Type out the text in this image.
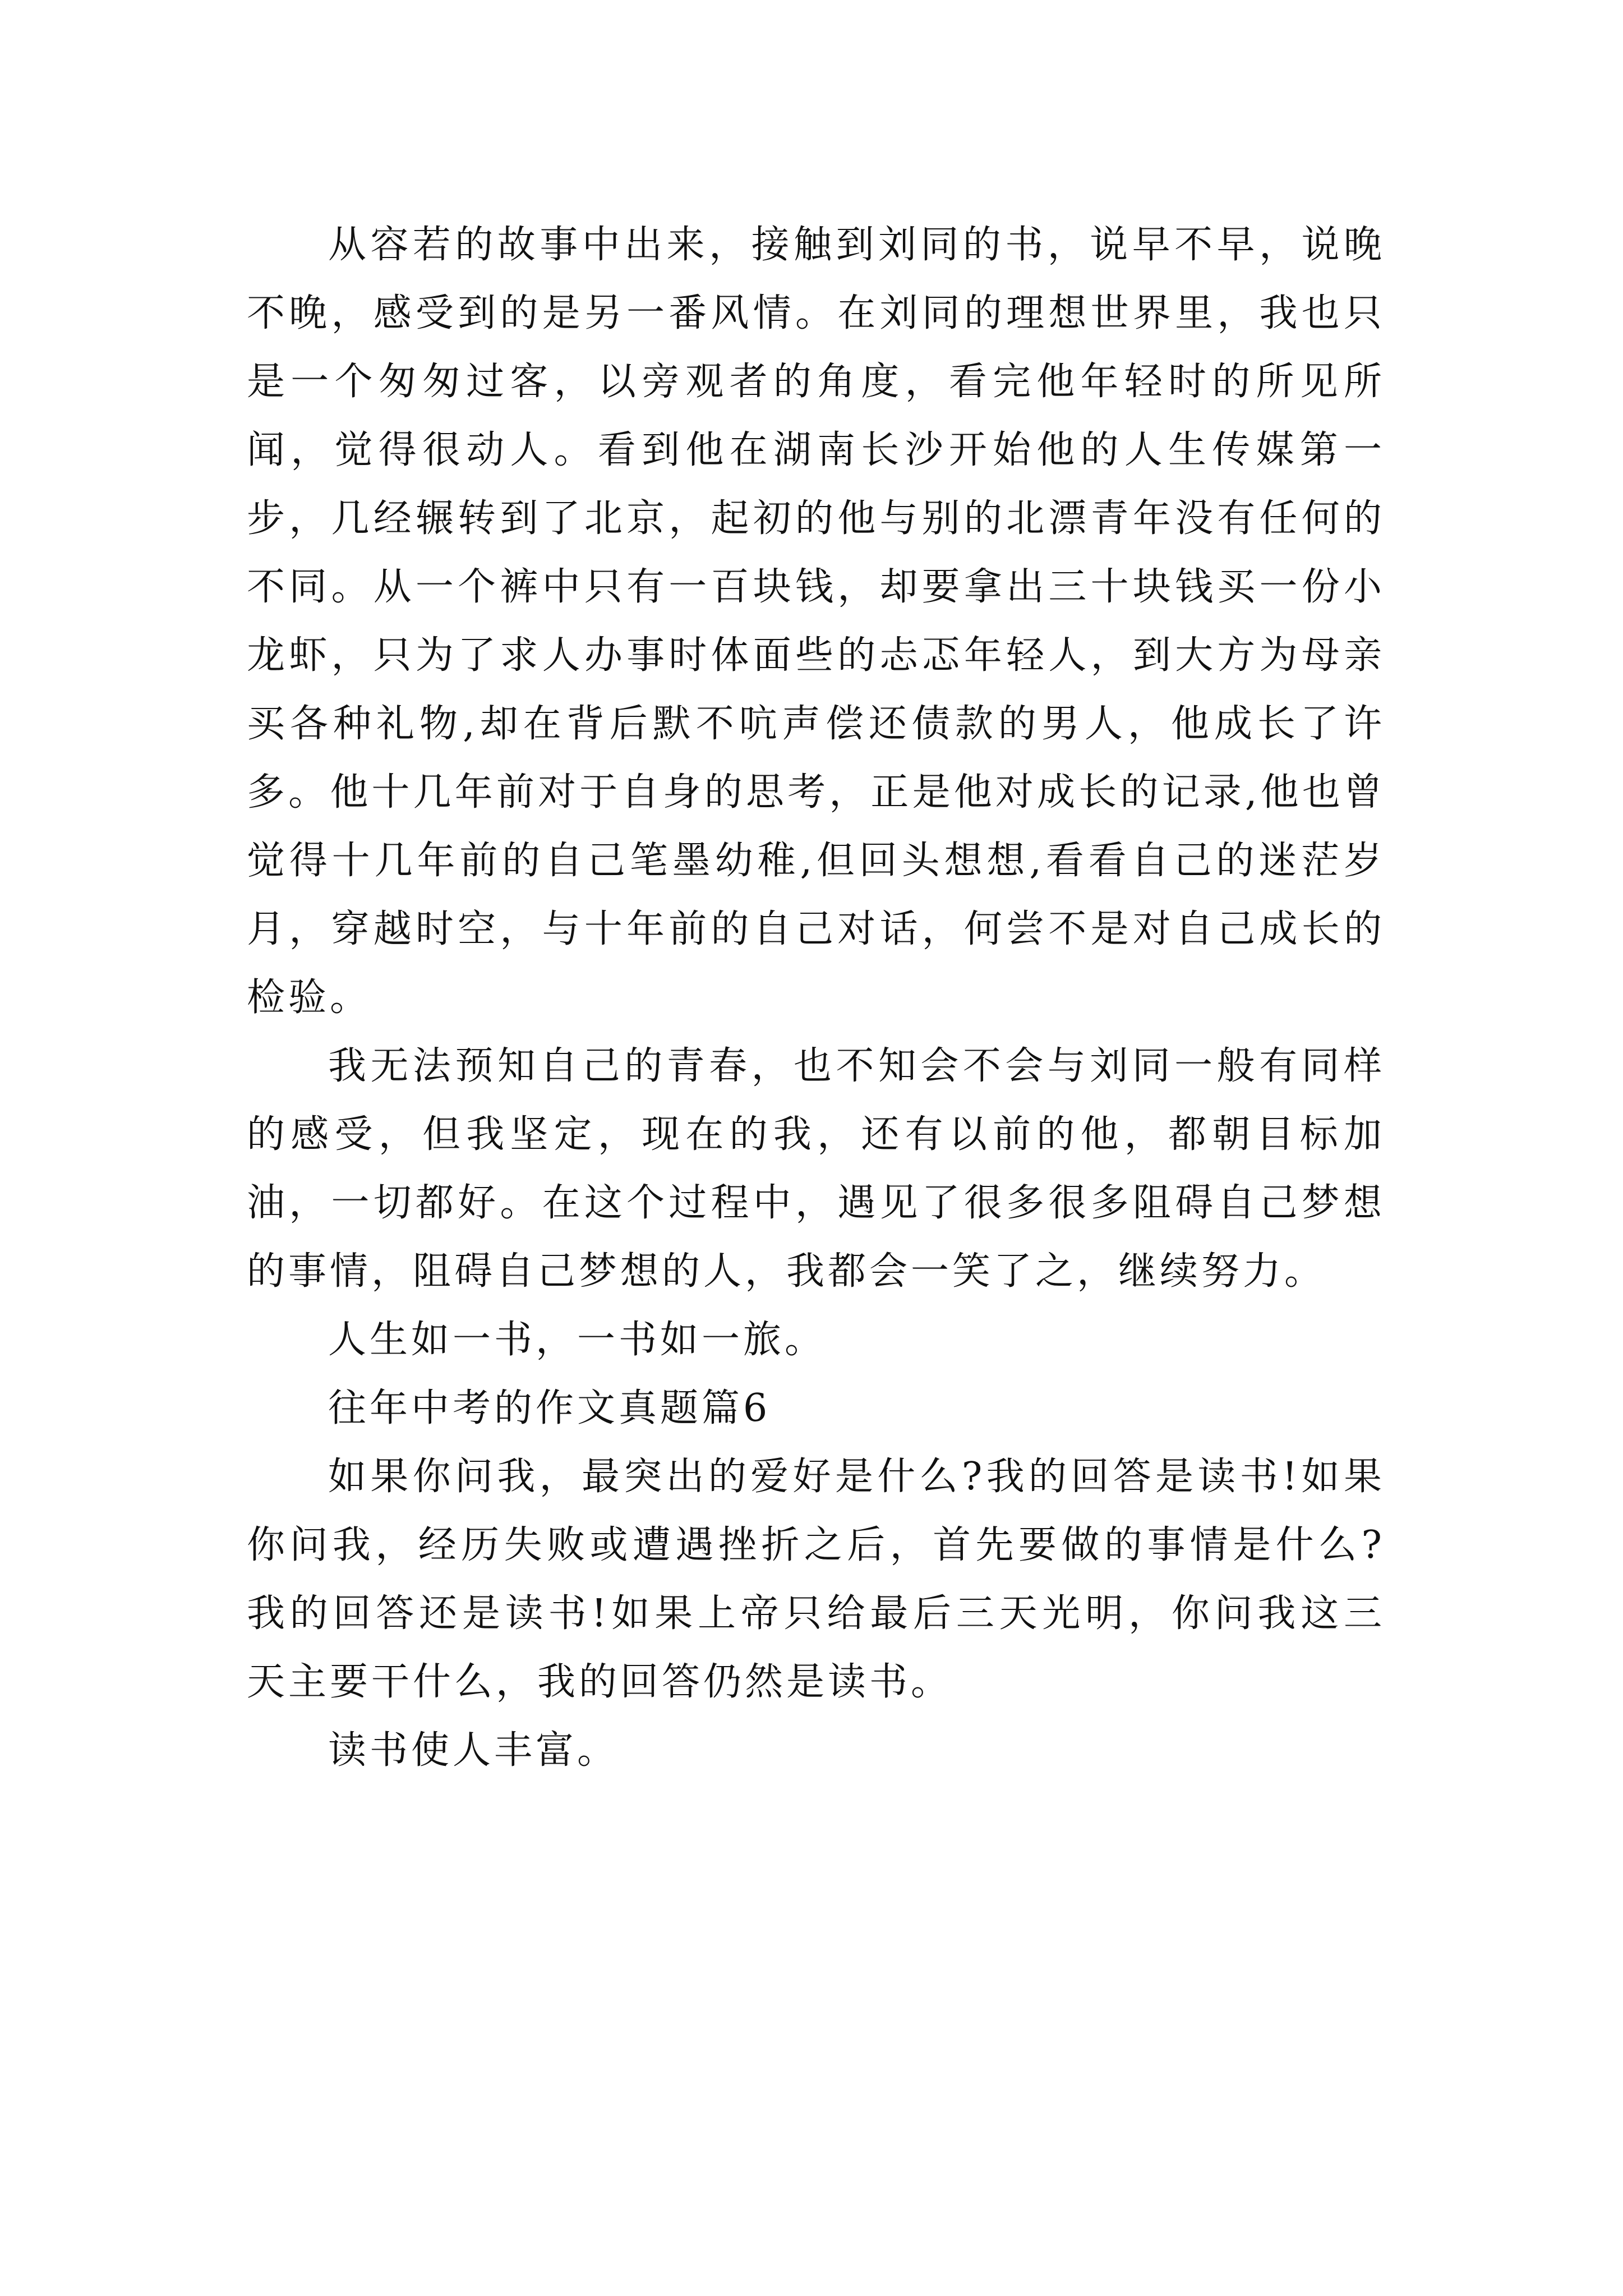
从容若的故事中出来，接触到刘同的书，说早不早，说晚不晚，感受到的是另一番风情。在刘同的理想世界里，我也只是一个匆匆过客，以旁观者的角度，看完他年轻时的所见所闻，觉得很动人。看到他在湖南长沙开始他的人生传媒第一步，几经辗转到了北京，起初的他与别的北漂青年没有任何的不同。从一个裤中只有一百块钱，却要拿出三十块钱买一份小龙虾，只为了求人办事时体面些的忐忑年轻人，到大方为母亲买各种礼物,却在背后默不吭声偿还债款的男人，他成长了许多。他十几年前对于自身的思考，正是他对成长的记录,他也曾觉得十几年前的自己笔墨幼稚,但回头想想,看看自己的迷茫岁月，穿越时空，与十年前的自己对话，何尝不是对自己成长的检验。

我无法预知自己的青春，也不知会不会与刘同一般有同样的感受，但我坚定，现在的我，还有以前的他，都朝目标加油，一切都好。在这个过程中，遇见了很多很多阻碍自己梦想的事情，阻碍自己梦想的人，我都会一笑了之，继续努力。

人生如一书，一书如一旅。

往年中考的作文真题篇6

如果你问我，最突出的爱好是什么?我的回答是读书!如果你问我，经历失败或遭遇挫折之后，首先要做的事情是什么?我的回答还是读书!如果上帝只给最后三天光明，你问我这三天主要干什么，我的回答仍然是读书。

读书使人丰富。
